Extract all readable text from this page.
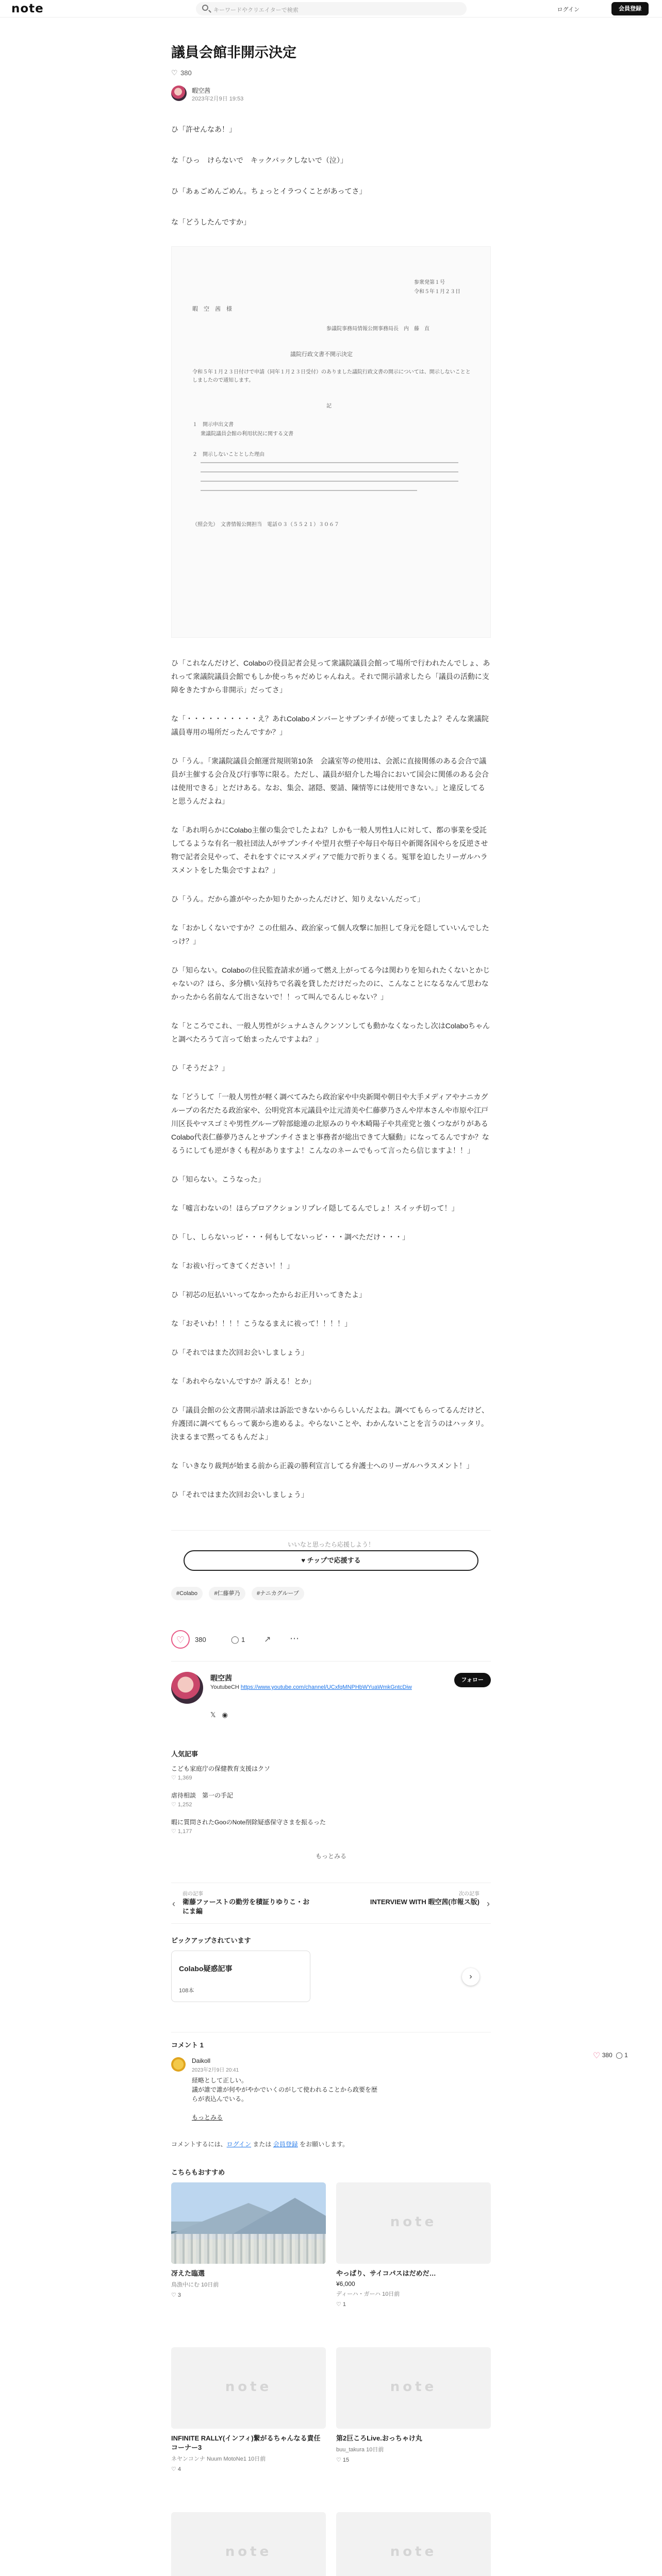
note	キーワードやクリエイターで検索	ログイン	会員登録
議員会館非開示決定
♡380
暇空茜
2023年2月9日 19:53

ひ「許せんなあ！」

な「ひっ　けらないで　キックバックしないで（泣）」

ひ「あぁごめんごめん。ちょっとイラつくことがあってさ」

な「どうしたんですか」

参衆発第１号
令和５年１月２３日
暇　空　茜　様
参議院事務局情報公開事務局長　内　藤　直
議院行政文書不開示決定
令和５年１月２３日付けで申請（同年１月２３日受付）のありました議院行政文書の開示については、開示しないこととしましたので通知します。
記
１　開示申出文書
衆議院議員会館の利用状況に関する文書
２　開示しないこととした理由
（照会先）　文書情報公開担当　電話０３（５５２１）３０６７

ひ「これなんだけど、Colaboの役員記者会見って衆議院議員会館って場所で行われたんでしょ、あれって衆議院議員会館でもしか使っちゃだめじゃんねえ。それで開示請求したら「議員の活動に支障をきたすから非開示」だってさ」

な「・・・・・・・・・・え？あれColaboメンバーとサプンチイが使ってましたよ？そんな衆議院議員専用の場所だったんですか？」

ひ「うん。「衆議院議員会館運営規則第10条　会議室等の使用は、会派に直接関係のある会合で議員が主催する会合及び行事等に限る。ただし、議員が紹介した場合において国会に関係のある会合は使用できる」とだけある。なお、集会、諸隠、要請、陳情等には使用できない。」と違反してると思うんだよね」

な「あれ明らかにColabo主催の集会でしたよね？しかも一般人男性1人に対して、都の事業を受託してるような有名一般社団法人がサプンチイや望月衣塑子や毎日や毎日や新聞各国やらを反逆させ物で記者会見やって、それをすぐにマスメディアで能力で折りまくる。冤罪を迫したリーガルハラスメントをした集会ですよね？」

ひ「うん。だから誰がやったか知りたかったんだけど、知りえないんだって」

な「おかしくないですか？この仕組み、政治家って個人攻撃に加担して身元を隠していいんでしたっけ？」

ひ「知らない。Colaboの住民監査請求が通って燃え上がってる今は関わりを知られたくないとかじゃないの？ほら、多分横い気持ちで名義を貸しただけだったのに、こんなことになるなんて思わなかったから名前なんて出さないで！！って叫んでるんじゃない？」

な「ところでこれ、一般人男性がシュナムさんクンソンしても動かなくなったし次はColaboちゃんと調べたろうて言って始まったんですよね？」

ひ「そうだよ？」

な「どうして「一般人男性が軽く調べてみたら政治家や中央新聞や朝日や大手メディアやナニカグループの名だたる政治家や、公明党宮本元議員や辻元清美や仁藤夢乃さんや岸本さんや市原や江戸川区長やマスゴミや男性グループ幹部総連の北原みのりや木崎陽子や共産党と強くつながりがあるColabo代表仁藤夢乃さんとサプンチイさまと事務者が総出できて大騒動」になってるんですか？なるうにしても逆がきくも程がありますよ！こんなのネームでもって言ったら信じますよ！！」

ひ「知らない。こうなった」

な「嘘言わないの！ほらプロアクションリプレイ隠してるんでしょ！スイッチ切って！」

ひ「し、しらないっピ・・・何もしてないっピ・・・調べただけ・・・」

な「お祓い行ってきてください！！」

ひ「初芯の厄払いいってなかったからお正月いってきたよ」

な「おそいわ！！！！こうなるまえに祓って！！！！」

ひ「それではまた次回お会いしましょう」

な「あれやらないんですか？訴える！とか」

ひ「議員会館の公文書開示請求は訴訟できないかららしいんだよね。調べてもらってるんだけど、弁護団に調べてもらって裏から進めるよ。やらないことや、わかんないことを言うのはハッタリ。決まるまで黙ってるもんだよ」

な「いきなり裁判が始まる前から正義の勝利宣言してる弁護士へのリーガルハラスメント！」

ひ「それではまた次回お会いしましょう」

いいなと思ったら応援しよう！
♥ チップで応援する
#Colabo	#仁藤夢乃	#ナニカグループ
♡	380	◯ 1 ↗ ⋯
暇空茜
YoutubeCH https://www.youtube.com/channel/UCxfqMNPHbWYuaWmkGntcDiw
𝕏◉
フォロー
人気記事
こども家庭庁の保健教育支援はクソ
♡ 1,369
虐待相談　第一の手記
♡ 1,252
暇に質問されたGooのNote削除疑惑保守さまを振るった
♡ 1,177
もっとみる
‹
前の記事
衛藤ファーストの勤労を積証りゆりこ・おにま編
次の記事
INTERVIEW WITH 暇空茜(市報ス版) ›
ピックアップされています
Colabo疑惑記事
108本
›
コメント 1
Daikoll
2023年2月9日 20:41
経略として正しい。
議が誰で誰が何やがやかでいくのがして使われることから政要を歴らが表込んでいる。
もっとみる
コメントするには、ログイン または 会員登録 をお願いします。
こちらもおすすめ
冴えた臨選
鳥漁中にむ 10日前
♡ 3
note
やっぱり、サイコパスはだめだ…
¥6,000
ディーハ・ガーハ 10日前
♡ 1
note
INFINITE RALLY(インフィ)繋がるちゃんなる責任コーナー3
ネヤンコンナ Nuum MotoNe1 10日前
♡ 4
note
第2巨ころLive.おっちゃけ丸
buu_takura 10日前
♡ 15
note	note
♡ 380 ◯ 1
